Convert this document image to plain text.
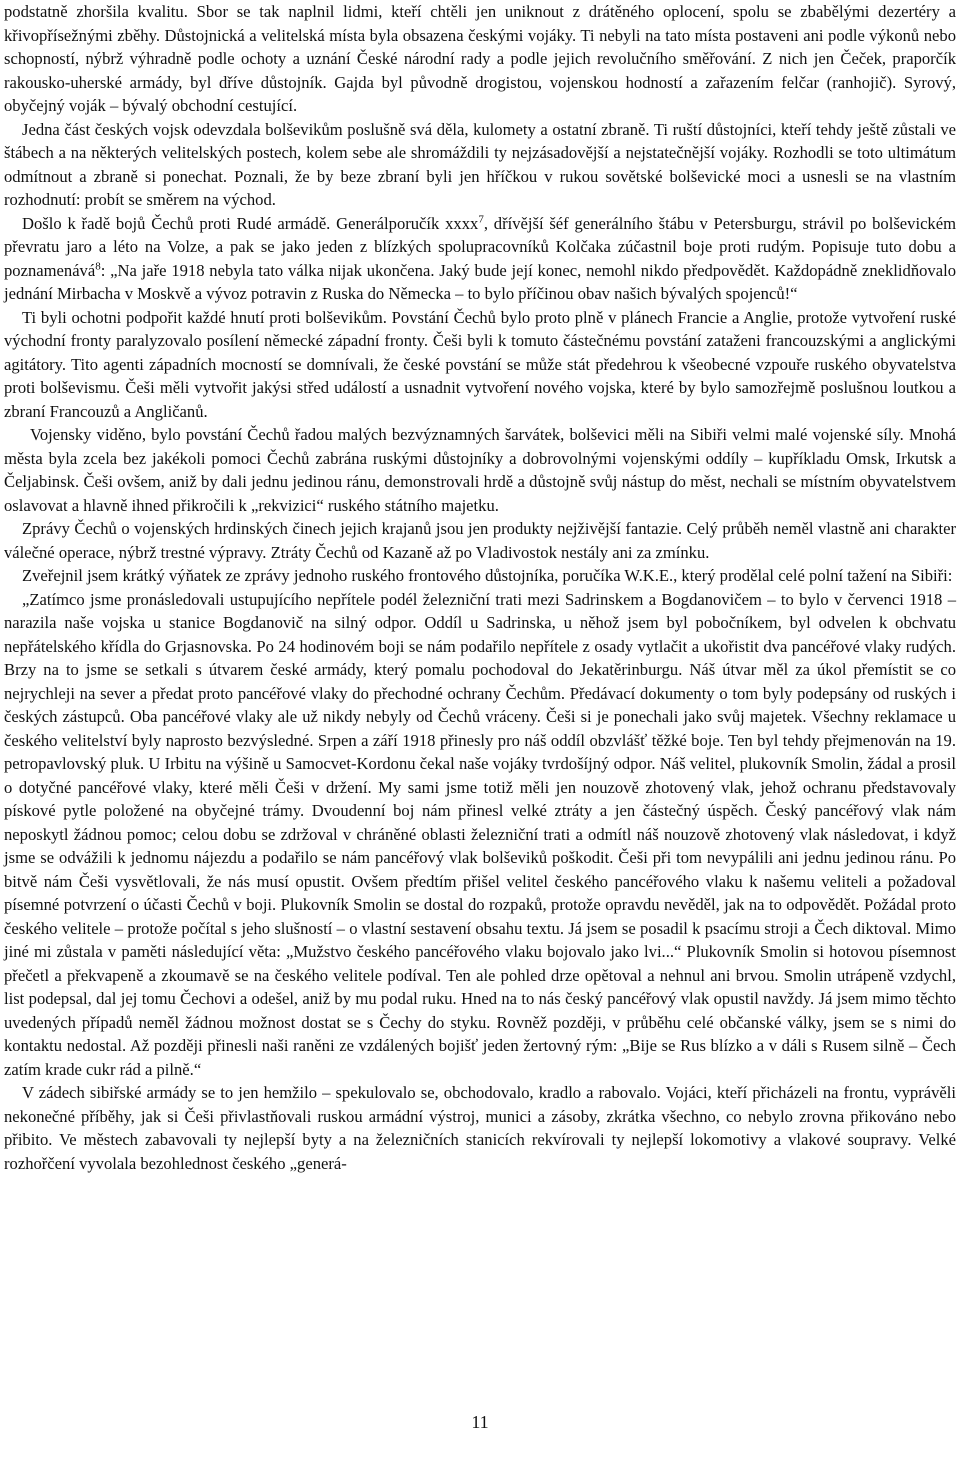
podstatně zhoršila kvalitu. Sbor se tak naplnil lidmi, kteří chtěli jen uniknout z drátěného oplocení, spolu se zbabělými dezertéry a křivopřísežnými zběhy. Důstojnická a velitelská místa byla obsazena českými vojáky. Ti nebyli na tato místa postaveni ani podle výkonů nebo schopností, nýbrž výhradně podle ochoty a uznání České národní rady a podle jejich revolučního směřování. Z nich jen Čeček, praporčík rakousko-uherské armády, byl dříve důstojník. Gajda byl původně drogistou, vojenskou hodností a zařazením felčar (ranhojič). Syrový, obyčejný voják – bývalý obchodní cestující.

Jedna část českých vojsk odevzdala bolševikům poslušně svá děla, kulomety a ostatní zbraně. Ti ruští důstojníci, kteří tehdy ještě zůstali ve štábech a na některých velitelských postech, kolem sebe ale shromáždili ty nejzásadovější a nejstatečnější vojáky. Rozhodli se toto ultimátum odmítnout a zbraně si ponechat. Poznali, že by beze zbraní byli jen hříčkou v rukou sovětské bolševické moci a usnesli se na vlastním rozhodnutí: probít se směrem na východ.

Došlo k řadě bojů Čechů proti Rudé armádě. Generálporučík xxxx$^7$, dřívější šéf generálního štábu v Petersburgu, strávil po bolševickém převratu jaro a léto na Volze, a pak se jako jeden z blízkých spolupracovníků Kolčaka zúčastnil boje proti rudým. Popisuje tuto dobu a poznamenává$^8$: „Na jaře 1918 nebyla tato válka nijak ukončena. Jaký bude její konec, nemohl nikdo předpovědět. Každopádně zneklidňovalo jednání Mirbacha v Moskvě a vývoz potravin z Ruska do Německa – to bylo příčinou obav našich bývalých spojenců!“

Ti byli ochotni podpořit každé hnutí proti bolševikům. Povstání Čechů bylo proto plně v plánech Francie a Anglie, protože vytvoření ruské východní fronty paralyzovalo posílení německé západní fronty. Češi byli k tomuto částečnému povstání zataženi francouzskými a anglickými agitátory. Tito agenti západních mocností se domnívali, že české povstání se může stát předehrou k všeobecné vzpouře ruského obyvatelstva proti bolševismu. Češi měli vytvořit jakýsi střed událostí a usnadnit vytvoření nového vojska, které by bylo samozřejmě poslušnou loutkou a zbraní Francouzů a Angličanů.

Vojensky viděno, bylo povstání Čechů řadou malých bezvýznamných šarvátek, bolševici měli na Sibiři velmi malé vojenské síly. Mnohá města byla zcela bez jakékoli pomoci Čechů zabrána ruskými důstojníky a dobrovolnými vojenskými oddíly – kupříkladu Omsk, Irkutsk a Čeljabinsk. Češi ovšem, aniž by dali jednu jedinou ránu, demonstrovali hrdě a důstojně svůj nástup do měst, nechali se místním obyvatelstvem oslavovat a hlavně ihned přikročili k „rekvizici“ ruského státního majetku.

Zprávy Čechů o vojenských hrdinských činech jejich krajanů jsou jen produkty nejživější fantazie. Celý průběh neměl vlastně ani charakter válečné operace, nýbrž trestné výpravy. Ztráty Čechů od Kazaně až po Vladivostok nestály ani za zmínku.

Zveřejnil jsem krátký výňatek ze zprávy jednoho ruského frontového důstojníka, poručíka W.K.E., který prodělal celé polní tažení na Sibiři:

„Zatímco jsme pronásledovali ustupujícího nepřítele podél železniční trati mezi Sadrinskem a Bogdanovičem – to bylo v červenci 1918 – narazila naše vojska u stanice Bogdanovič na silný odpor. Oddíl u Sadrinska, u něhož jsem byl pobočníkem, byl odvelen k obchvatu nepřátelského křídla do Grjasnovska. Po 24 hodinovém boji se nám podařilo nepřítele z osady vytlačit a ukořistit dva pancéřové vlaky rudých. Brzy na to jsme se setkali s útvarem české armády, který pomalu pochodoval do Jekatěrinburgu. Náš útvar měl za úkol přemístit se co nejrychleji na sever a předat proto pancéřové vlaky do přechodné ochrany Čechům. Předávací dokumenty o tom byly podepsány od ruských i českých zástupců. Oba pancéřové vlaky ale už nikdy nebyly od Čechů vráceny. Češi si je ponechali jako svůj majetek. Všechny reklamace u českého velitelství byly naprosto bezvýsledné. Srpen a září 1918 přinesly pro náš oddíl obzvlášť těžké boje. Ten byl tehdy přejmenován na 19. petropavlovský pluk. U Irbitu na výšině u Samocvet-Kordonu čekal naše vojáky tvrdošíjný odpor. Náš velitel, plukovník Smolin, žádal a prosil o dotyčné pancéřové vlaky, které měli Češi v držení. My sami jsme totiž měli jen nouzově zhotovený vlak, jehož ochranu představovaly pískové pytle položené na obyčejné trámy. Dvoudenní boj nám přinesl velké ztráty a jen částečný úspěch. Český pancéřový vlak nám neposkytl žádnou pomoc; celou dobu se zdržoval v chráněné oblasti železniční trati a odmítl náš nouzově zhotovený vlak následovat, i když jsme se odvážili k jednomu nájezdu a podařilo se nám pancéřový vlak bolševiků poškodit. Češi při tom nevypálili ani jednu jedinou ránu. Po bitvě nám Češi vysvětlovali, že nás musí opustit. Ovšem předtím přišel velitel českého pancéřového vlaku k našemu veliteli a požadoval písemné potvrzení o účasti Čechů v boji. Plukovník Smolin se dostal do rozpaků, protože opravdu nevěděl, jak na to odpovědět. Požádal proto českého velitele – protože počítal s jeho slušností – o vlastní sestavení obsahu textu. Já jsem se posadil k psacímu stroji a Čech diktoval. Mimo jiné mi zůstala v paměti následující věta: „Mužstvo českého pancéřového vlaku bojovalo jako lvi...“ Plukovník Smolin si hotovou písemnost přečetl a překvapeně a zkoumavě se na českého velitele podíval. Ten ale pohled drze opětoval a nehnul ani brvou. Smolin utrápeně vzdychl, list podepsal, dal jej tomu Čechovi a odešel, aniž by mu podal ruku. Hned na to nás český pancéřový vlak opustil navždy. Já jsem mimo těchto uvedených případů neměl žádnou možnost dostat se s Čechy do styku. Rovněž později, v průběhu celé občanské války, jsem se s nimi do kontaktu nedostal. Až později přinesli naši raněni ze vzdálených bojišť jeden žertovný rým: „Bije se Rus blízko a v dáli s Rusem silně – Čech zatím krade cukr rád a pilně.“

V zádech sibiřské armády se to jen hemžilo – spekulovalo se, obchodovalo, kradlo a rabovalo. Vojáci, kteří přicházeli na frontu, vyprávěli nekonečné příběhy, jak si Češi přivlastňovali ruskou armádní výstroj, munici a zásoby, zkrátka všechno, co nebylo zrovna přikováno nebo přibito. Ve městech zabavovali ty nejlepší byty a na železničních stanicích rekvírovali ty nejlepší lokomotivy a vlakové soupravy. Velké rozhořčení vyvolala bezohlednost českého „generá-

11
